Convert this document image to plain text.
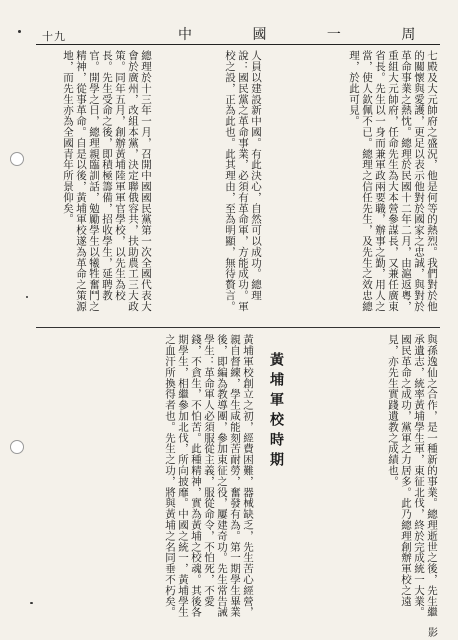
十九	中 國 一 周
七殿及大元帥府之盛況，他是何等的熱烈。我們對於他的關懷與愛護，更足以表示他對於國家之忠誠，與對於革命事業之熱忱。總理於民國十二年二月，由滬返粵，重組大元帥府，任命先生為大本營參謀長，又兼任廣東省長。先生以一身而兼軍政兩要職，辦事之勤，用人之當，使人欽佩不已。總理之信任先生，及先生之效忠總理，於此可見。
人員以建設新中國。有此決心，自然可以成功。總理說：國民黨之革命事業，必須有革命軍，方能成功。軍校之設，正為此也。此其理由，至為明顯，無待贅言。
總理於十三年一月，召開中國國民黨第一次全國代表大會於廣州，改組本黨，決定聯俄容共，扶助農工三大政策。同年五月，創辦黃埔陸軍軍官學校，以先生為校長。先生受命之後，即積極籌備，招收學生，延聘教官。開學之日，總理親臨訓話，勉勵學生以犧牲奮鬥之精神，從事革命。自是以後，黃埔軍校遂為革命之策源地，而先生亦為全國青年所景仰矣。
與孫逸仙之合作，是一種新的事業。總理逝世之後，先生繼承遺志，統率黃埔學生軍，東征北伐，終於完成統一大業。國民革命之成功，黨軍之力居多。此乃總理創辦軍校之遠見，亦先生實踐遺教之成績也。
黃埔軍校時期
黃埔軍校創立之初，經費困難，器械缺乏，先生苦心經營，親自督練，學生咸能刻苦耐勞，奮發有為。第一期學生畢業後，即編為教導團，參加東征之役，屢建奇功。先生常告誡學生：革命軍人必須服從主義，服從命令，不怕死，不愛錢，不貪生，不怕苦。此種精神，實為黃埔之校魂。其後各期學生，相繼參加北伐，所向披靡。中國之統一，黃埔學生之血汗所換得者也。先生之功，將與黃埔之名同垂不朽矣。
影
